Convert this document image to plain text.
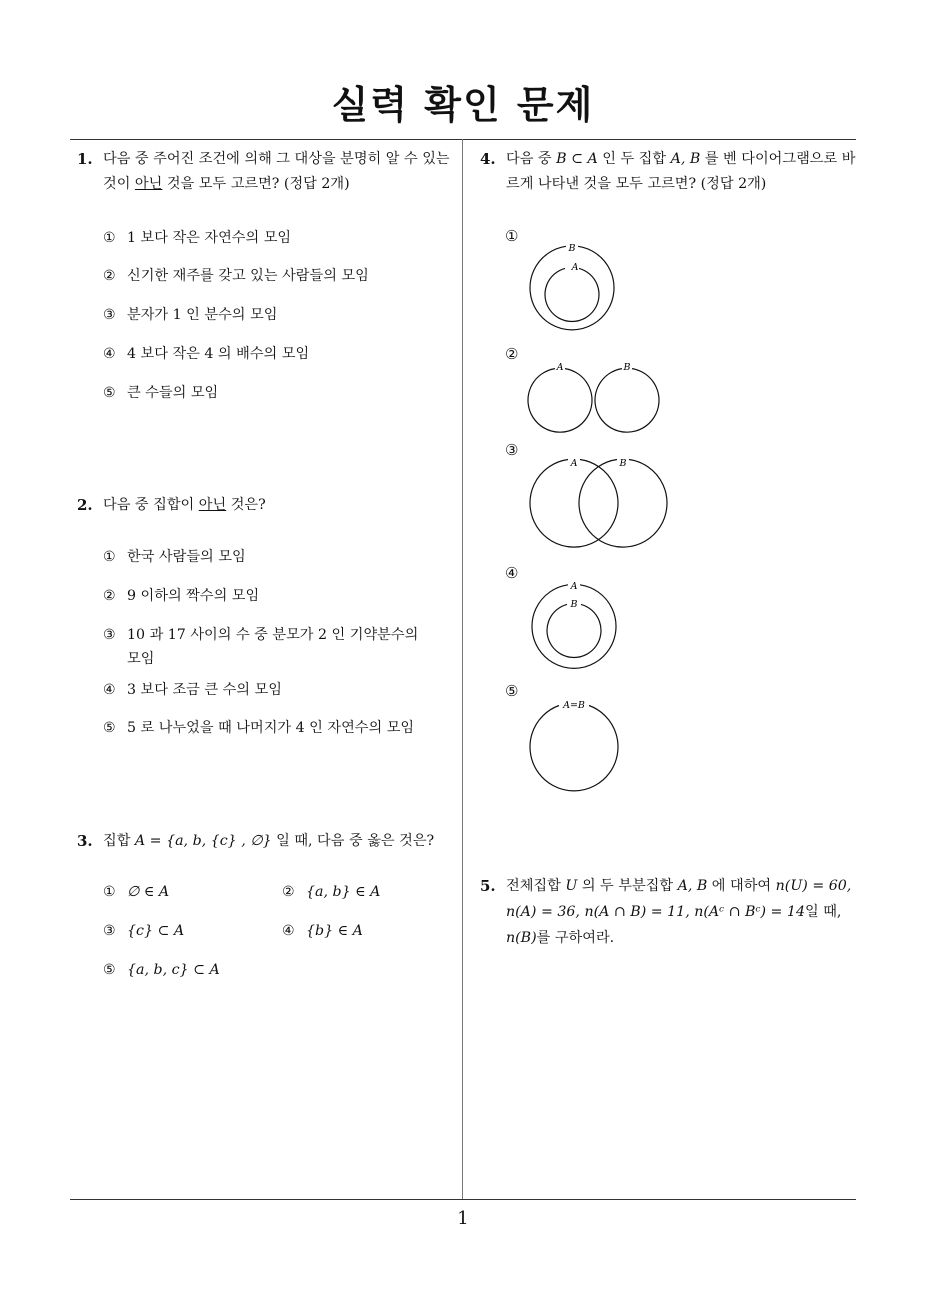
실력 확인 문제
1
1. 다음 중 주어진 조건에 의해 그 대상을 분명히 알 수 있는 것이 아닌 것을 모두 고르면? (정답 2개)
① 1 보다 작은 자연수의 모임
② 신기한 재주를 갖고 있는 사람들의 모임
③ 분자가 1 인 분수의 모임
④ 4 보다 작은 4 의 배수의 모임
⑤ 큰 수들의 모임
2. 다음 중 집합이 아닌 것은?
① 한국 사람들의 모임
② 9 이하의 짝수의 모임
③ 10 과 17 사이의 수 중 분모가 2 인 기약분수의
모임
④ 3 보다 조금 큰 수의 모임
⑤ 5 로 나누었을 때 나머지가 4 인 자연수의 모임
3. 집합 A = {a, b, {c} , ∅} 일 때, 다음 중 옳은 것은?
① ∅ ∈ A	② {a, b} ∈ A
③ {c} ⊂ A	④ {b} ∈ A
⑤ {a, b, c} ⊂ A
4. 다음 중 B ⊂ A 인 두 집합 A, B 를 벤 다이어그램으로 바르게 나타낸 것을 모두 고르면? (정답 2개)
①
B
A
②
A	B
③
A	B
④
A
B
⑤
A=B
5. 전체집합 U 의 두 부분집합 A, B 에 대하여 n(U) = 60, n(A) = 36, n(A ∩ B) = 11, n(Aᶜ ∩ Bᶜ) = 14일 때, n(B)를 구하여라.
